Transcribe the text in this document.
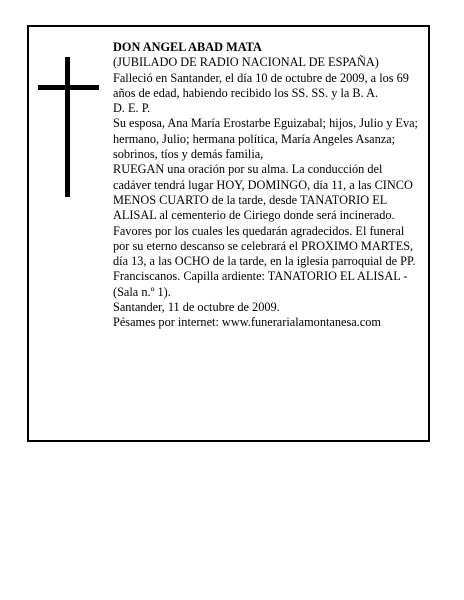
DON ANGEL ABAD MATA
(JUBILADO DE RADIO NACIONAL DE ESPAÑA)
Falleció en Santander, el día 10 de octubre de 2009, a los 69 años de edad, habiendo recibido los SS. SS. y la B. A.
D. E. P.
Su esposa, Ana María Erostarbe Eguizabal; hijos, Julio y Eva; hermano, Julio; hermana política, María Angeles Asanza; sobrinos, tíos y demás familia,
RUEGAN una oración por su alma. La conducción del cadáver tendrá lugar HOY, DOMINGO, día 11, a las CINCO MENOS CUARTO de la tarde, desde TANATORIO EL ALISAL al cementerio de Ciriego donde será incinerado. Favores por los cuales les quedarán agradecidos. El funeral por su eterno descanso se celebrará el PROXIMO MARTES, día 13, a las OCHO de la tarde, en la iglesia parroquial de PP. Franciscanos. Capilla ardiente: TANATORIO EL ALISAL - (Sala n.º 1).
Santander, 11 de octubre de 2009.
Pésames por internet: www.funerarialamontanesa.com
